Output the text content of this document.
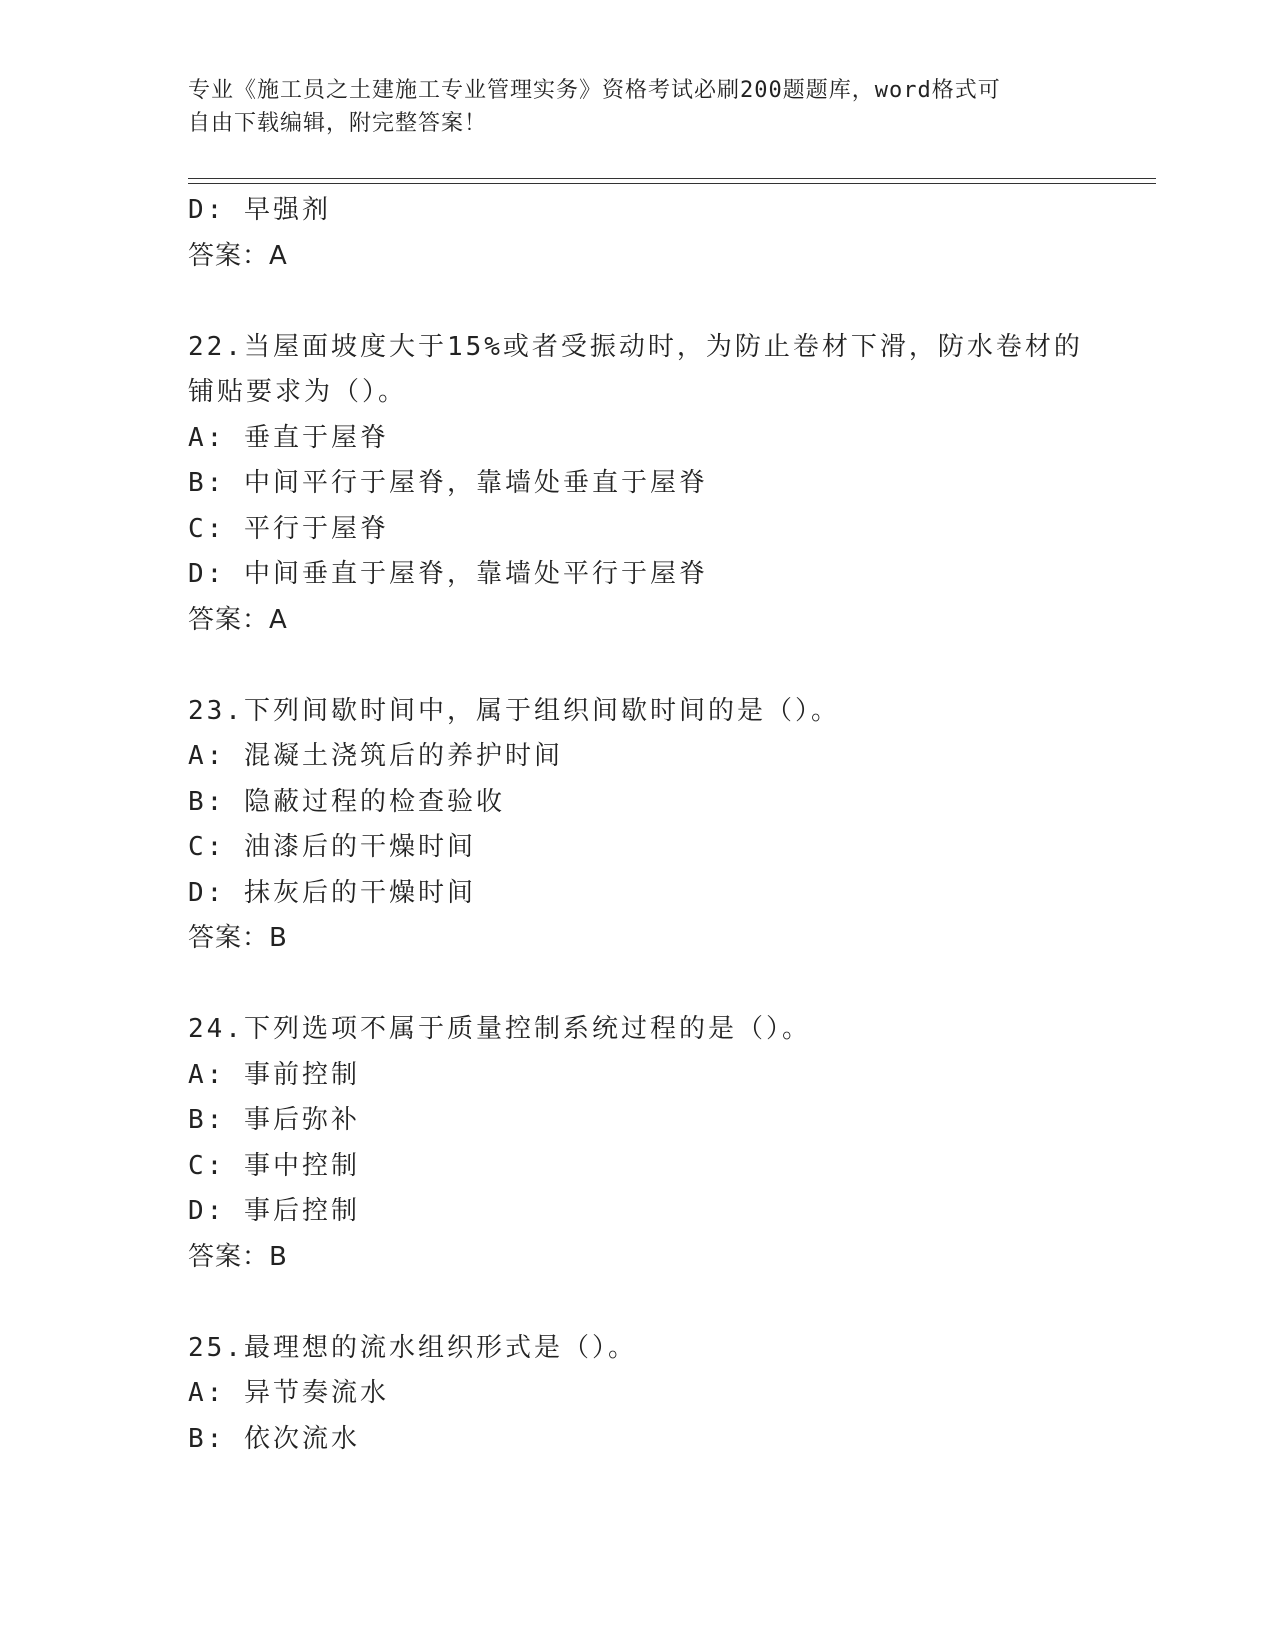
专业《施工员之土建施工专业管理实务》资格考试必刷200题题库，word格式可
自由下载编辑，附完整答案！
D: 早强剂
答案：A
22.当屋面坡度大于15%或者受振动时，为防止卷材下滑，防水卷材的
铺贴要求为（）。
A: 垂直于屋脊
B: 中间平行于屋脊，靠墙处垂直于屋脊
C: 平行于屋脊
D: 中间垂直于屋脊，靠墙处平行于屋脊
答案：A
23.下列间歇时间中，属于组织间歇时间的是（）。
A: 混凝土浇筑后的养护时间
B: 隐蔽过程的检查验收
C: 油漆后的干燥时间
D: 抹灰后的干燥时间
答案：B
24.下列选项不属于质量控制系统过程的是（）。
A: 事前控制
B: 事后弥补
C: 事中控制
D: 事后控制
答案：B
25.最理想的流水组织形式是（）。
A: 异节奏流水
B: 依次流水
